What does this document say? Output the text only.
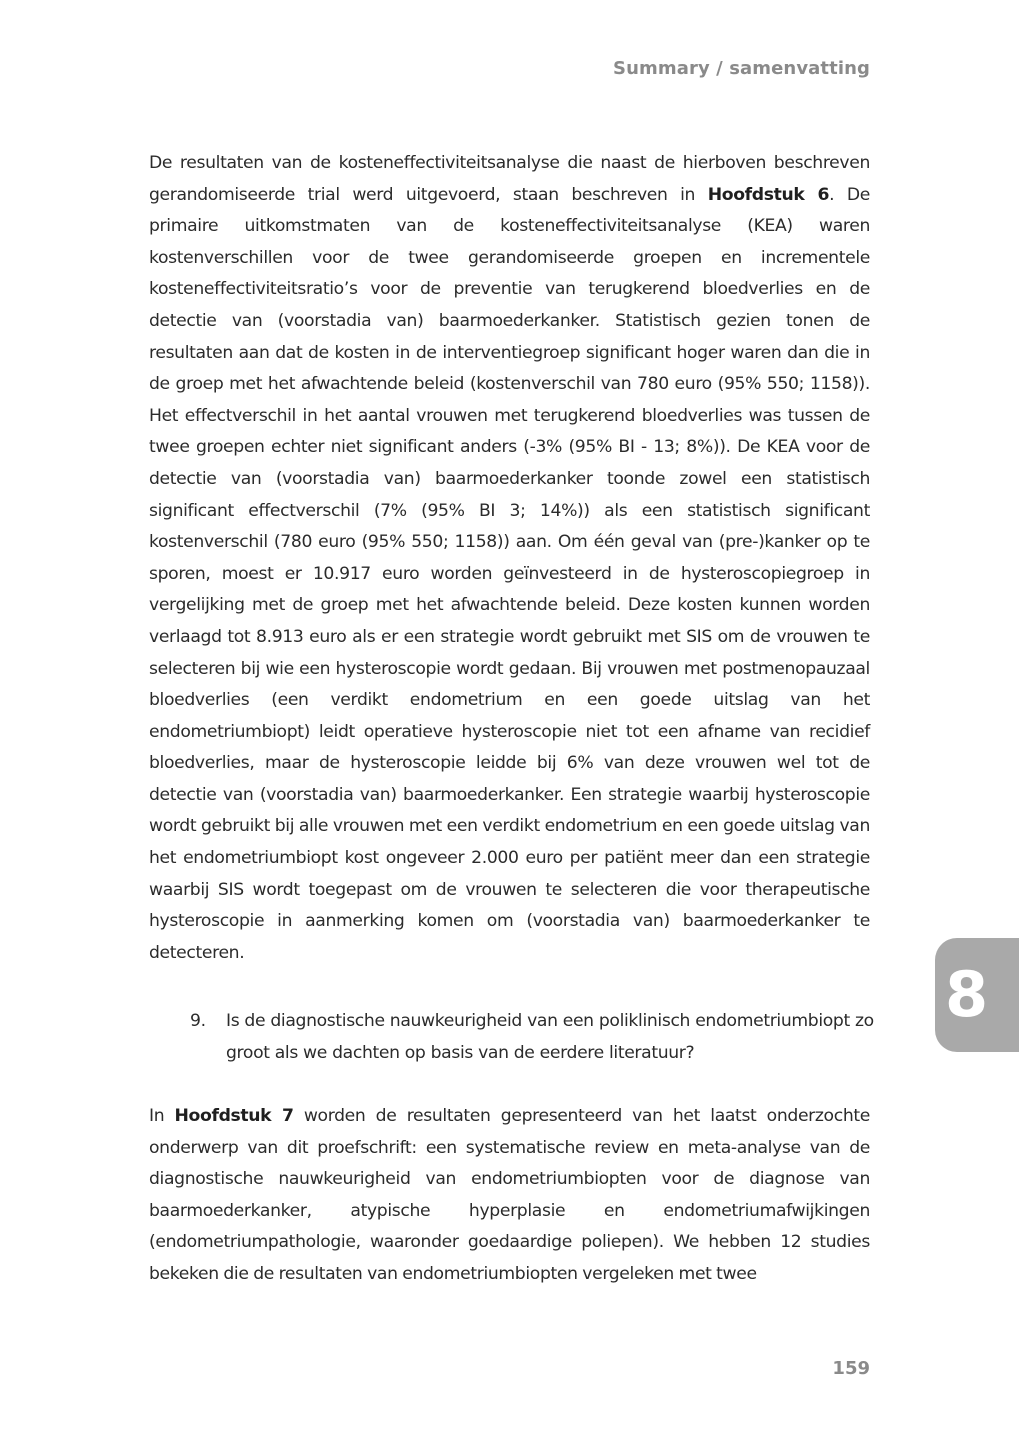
Summary / samenvatting

De resultaten van de kosteneffectiviteitsanalyse die naast de hierboven beschreven gerandomiseerde trial werd uitgevoerd, staan beschreven in Hoofdstuk 6. De primaire uitkomstmaten van de kosteneffectiviteitsanalyse (KEA) waren kostenverschillen voor de twee gerandomiseerde groepen en incrementele kosteneffectiviteitsratio’s voor de preventie van terugkerend bloedverlies en de detectie van (voorstadia van) baarmoederkanker. Statistisch gezien tonen de resultaten aan dat de kosten in de interventiegroep significant hoger waren dan die in de groep met het afwachtende beleid (kostenverschil van 780 euro (95% 550; 1158)). Het effectverschil in het aantal vrouwen met terugkerend bloedverlies was tussen de twee groepen echter niet significant anders (-3% (95% BI - 13; 8%)). De KEA voor de detectie van (voorstadia van) baarmoederkanker toonde zowel een statistisch significant effectverschil (7% (95% BI 3; 14%)) als een statistisch significant kostenverschil (780 euro (95% 550; 1158)) aan. Om één geval van (pre-)kanker op te sporen, moest er 10.917 euro worden geïnvesteerd in de hysteroscopiegroep in vergelijking met de groep met het afwachtende beleid. Deze kosten kunnen worden verlaagd tot 8.913 euro als er een strategie wordt gebruikt met SIS om de vrouwen te selecteren bij wie een hysteroscopie wordt gedaan. Bij vrouwen met postmenopauzaal bloedverlies (een verdikt endometrium en een goede uitslag van het endometriumbiopt) leidt operatieve hysteroscopie niet tot een afname van recidief bloedverlies, maar de hysteroscopie leidde bij 6% van deze vrouwen wel tot de detectie van (voorstadia van) baarmoederkanker. Een strategie waarbij hysteroscopie wordt gebruikt bij alle vrouwen met een verdikt endometrium en een goede uitslag van het endometriumbiopt kost ongeveer 2.000 euro per patiënt meer dan een strategie waarbij SIS wordt toegepast om de vrouwen te selecteren die voor therapeutische hysteroscopie in aanmerking komen om (voorstadia van) baarmoederkanker te detecteren.

9.	Is de diagnostische nauwkeurigheid van een poliklinisch endometriumbiopt zo groot als we dachten op basis van de eerdere literatuur?

In Hoofdstuk 7 worden de resultaten gepresenteerd van het laatst onderzochte onderwerp van dit proefschrift: een systematische review en meta-analyse van de diagnostische nauwkeurigheid van endometriumbiopten voor de diagnose van baarmoederkanker, atypische hyperplasie en endometriumafwijkingen (endometriumpathologie, waaronder goedaardige poliepen). We hebben 12 studies bekeken die de resultaten van endometriumbiopten vergeleken met twee

8
159
